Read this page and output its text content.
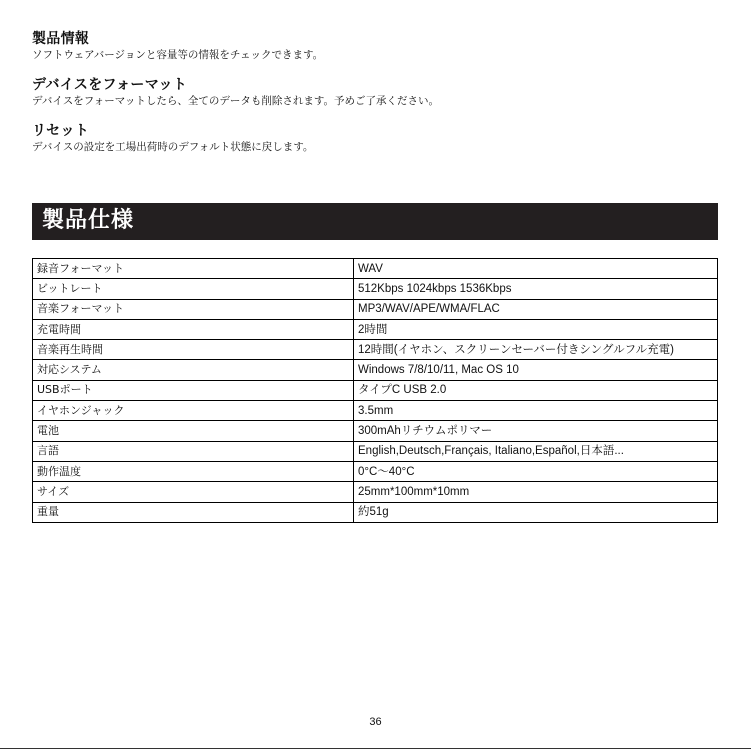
製品情報

ソフトウェアバージョンと容量等の情報をチェックできます。

デバイスをフォーマット

デバイスをフォーマットしたら、全てのデータも削除されます。予めご了承ください。

リセット

デバイスの設定を工場出荷時のデフォルト状態に戻します。

製品仕様
録音フォーマット	WAV
ビットレート	512Kbps 1024kbps 1536Kbps
音楽フォーマット	MP3/WAV/APE/WMA/FLAC
充電時間	2時間
音楽再生時間	12時間(イヤホン、スクリーンセーバー付きシングルフル充電)
対応システム	Windows 7/8/10/11, Mac OS 10
USBポート	タイプC USB 2.0
イヤホンジャック	3.5mm
電池	300mAhリチウムポリマー
言語	English,Deutsch,Français, Italiano,Español,日本語...
動作温度	0°C〜40°C
サイズ	25mm*100mm*10mm
重量	約51g
36
